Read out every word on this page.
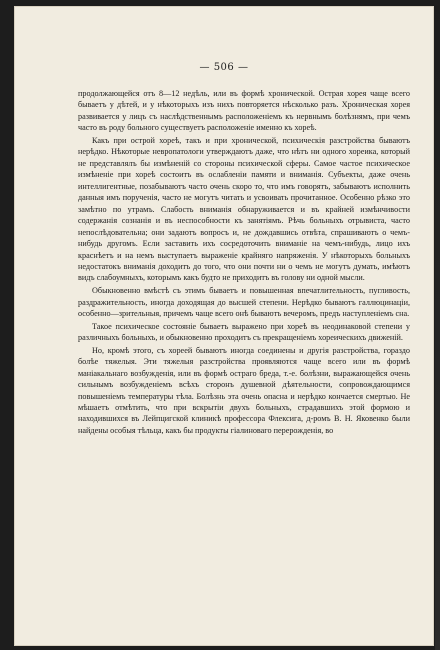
— 506 —

продолжающейся отъ 8—12 недѣль, или въ формѣ хронической. Острая хорея чаще всего бываетъ у дѣтей, и у нѣкоторыхъ изъ нихъ повторяется нѣсколько разъ. Хроническая хорея развивается у лицъ съ наслѣдственнымъ расположеніемъ къ нервнымъ болѣзнямъ, при чемъ часто въ роду больного существуетъ расположеніе именно къ хореѣ.

Какъ при острой хореѣ, такъ и при хронической, психическія разстройства бываютъ нерѣдко. Нѣкоторые невропатологи утверждаютъ даже, что нѣтъ ни одного хореика, который не представлялъ бы измѣненій со стороны психической сферы. Самое частое психическое измѣненіе при хореѣ состоитъ въ ослабленіи памяти и вниманія. Субъекты, даже очень интеллигентные, позабываютъ часто очень скоро то, что имъ говорятъ, забываютъ исполнить данныя имъ порученія, часто не могутъ читать и усвоивать прочитанное. Особенно рѣзко это замѣтно по утрамъ. Слабость вниманія обнаруживается и въ крайней измѣнчивости содержанія сознанія и въ неспособности къ занятіямъ. Рѣчь больныхъ отрывиста, часто непослѣдовательна; они задаютъ вопросъ и, не дождавшись отвѣта, спрашиваютъ о чемъ-нибудь другомъ. Если заставить ихъ сосредоточить вниманіе на чемъ-нибудь, лицо ихъ краснѣетъ и на немъ выступаетъ выраженіе крайняго напряженія. У нѣкоторыхъ больныхъ недостатокъ вниманія доходитъ до того, что они почти ни о чемъ не могутъ думать, имѣютъ видъ слабоумныхъ, которымъ какъ будто не приходитъ въ голову ни одной мысли.

Обыкновенно вмѣстѣ съ этимъ бываетъ и повышенная впечатлительность, пугливость, раздражительность, иногда доходящая до высшей степени. Нерѣдко бываютъ галлюцинаціи, особенно—зрительныя, причемъ чаще всего онѣ бываютъ вечеромъ, предъ наступленіемъ сна.

Такое психическое состояніе бываетъ выражено при хореѣ въ неодинаковой степени у различныхъ больныхъ, и обыкновенно проходитъ съ прекращеніемъ хореическихъ движеній.

Но, кромѣ этого, съ хореей бываютъ иногда соединены и другія разстройства, гораздо болѣе тяжелыя. Эти тяжелыя разстройства проявляются чаще всего или въ формѣ маніакальнаго возбужденія, или въ формѣ остраго бреда, т.-е. болѣзни, выражающейся очень сильнымъ возбужденіемъ всѣхъ сторонъ душевной дѣятельности, сопровождающимся повышеніемъ температуры тѣла. Болѣзнь эта очень опасна и нерѣдко кончается смертью. Не мѣшаетъ отмѣтить, что при вскрытіи двухъ больныхъ, страдавшихъ этой формою и находившихся въ Лейпцигской клиникѣ профессора Флексига, д-ромъ В. Н. Яковенко были найдены особыя тѣльца, какъ бы продукты гіалиноваго перерожденія, во
